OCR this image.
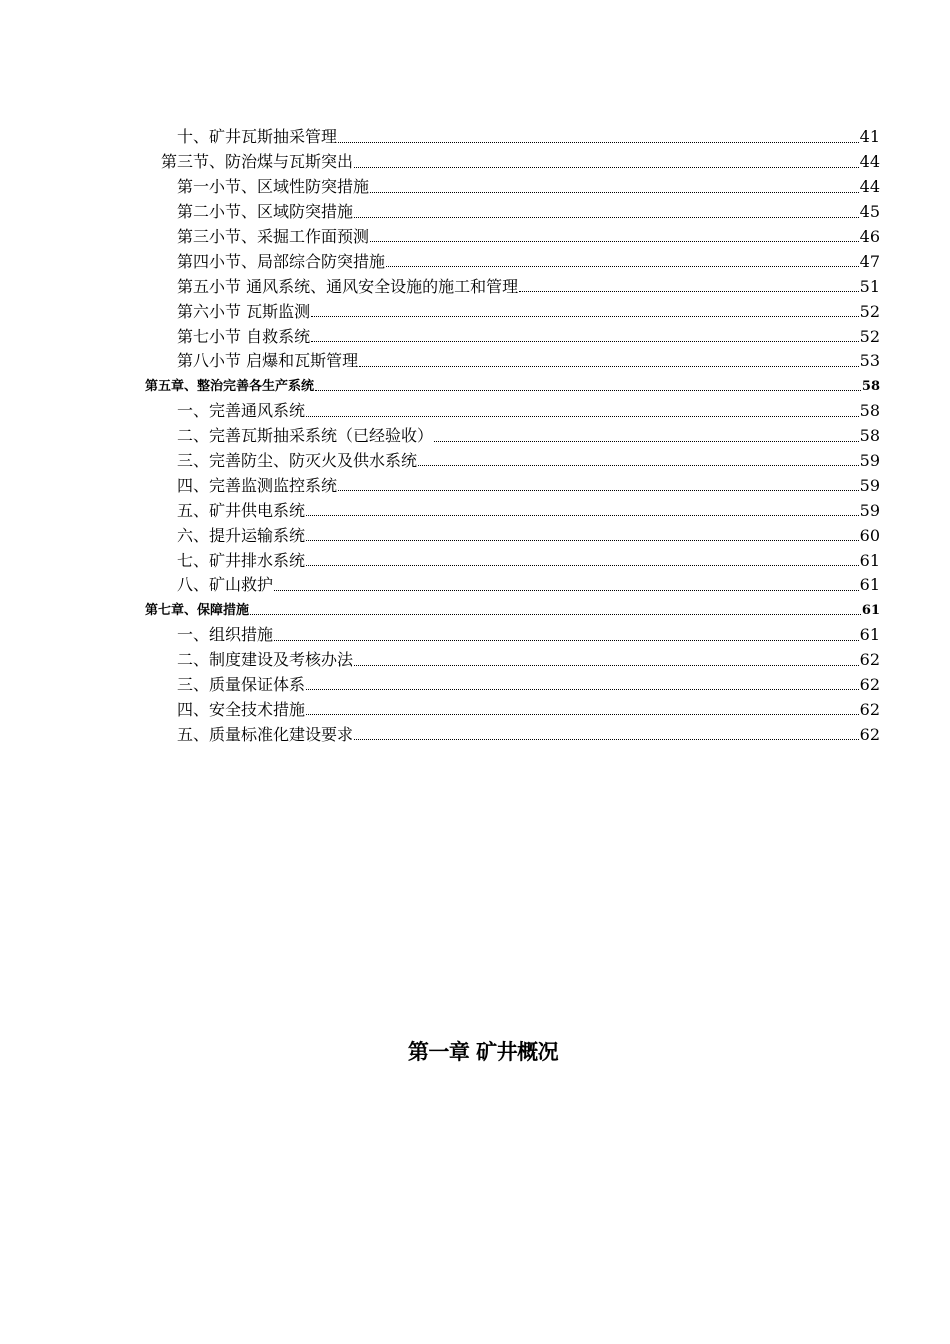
十、矿井瓦斯抽采管理	41
第三节、防治煤与瓦斯突出	44
第一小节、区域性防突措施	44
第二小节、区域防突措施	45
第三小节、采掘工作面预测	46
第四小节、局部综合防突措施	47
第五小节 通风系统、通风安全设施的施工和管理	51
第六小节 瓦斯监测	52
第七小节 自救系统	52
第八小节 启爆和瓦斯管理	53
第五章、整治完善各生产系统	58
一、完善通风系统	58
二、完善瓦斯抽采系统（已经验收）	58
三、完善防尘、防灭火及供水系统	59
四、完善监测监控系统	59
五、矿井供电系统	59
六、提升运输系统	60
七、矿井排水系统	61
八、矿山救护	61
第七章、保障措施	61
一、组织措施	61
二、制度建设及考核办法	62
三、质量保证体系	62
四、安全技术措施	62
五、质量标准化建设要求	62
第一章 矿井概况
